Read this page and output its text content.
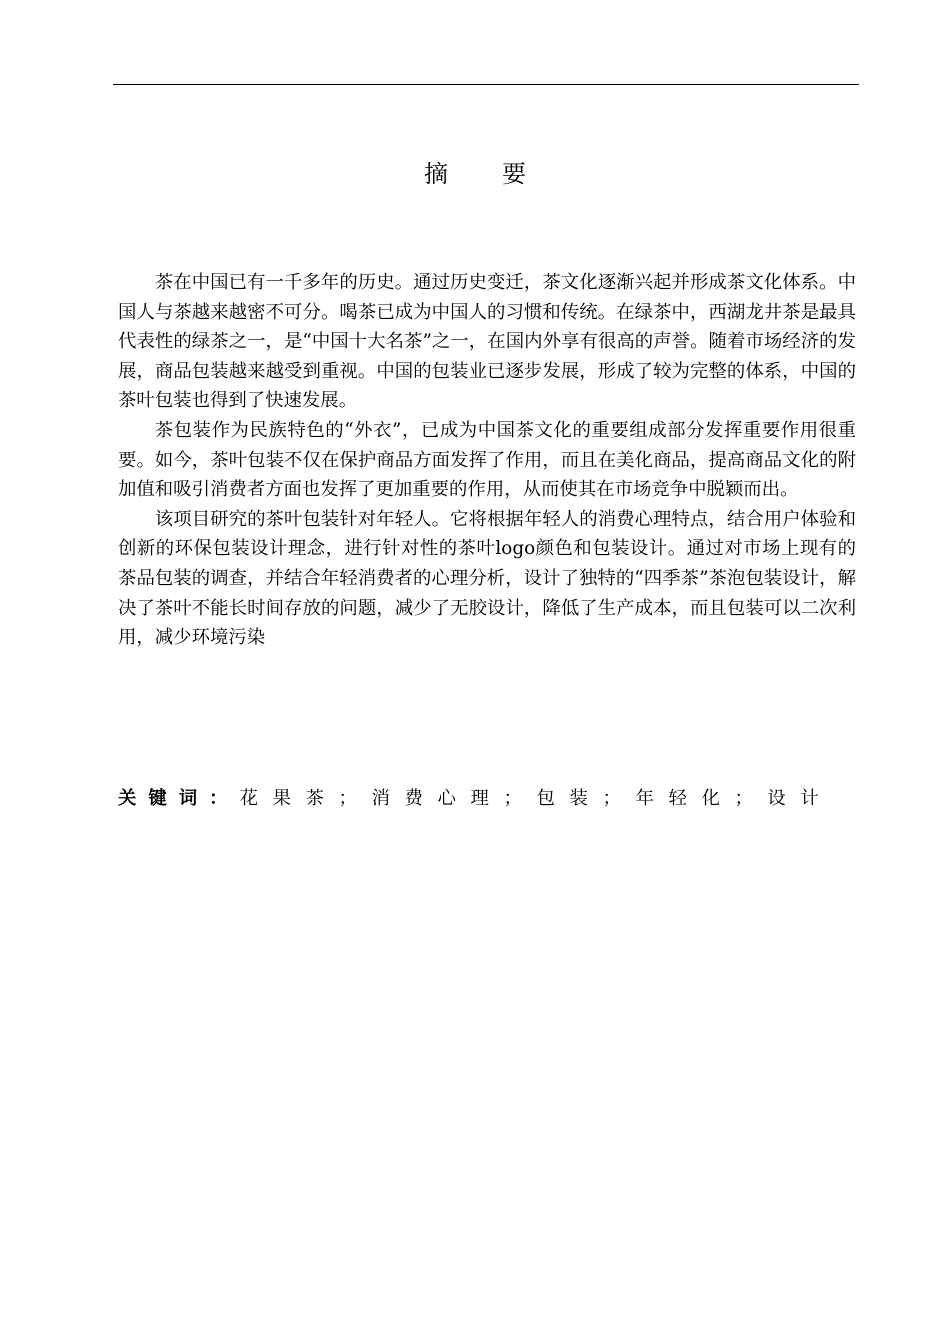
摘 要

茶在中国已有一千多年的历史。通过历史变迁，茶文化逐渐兴起并形成茶文化体系。中国人与茶越来越密不可分。喝茶已成为中国人的习惯和传统。在绿茶中，西湖龙井茶是最具代表性的绿茶之一，是“中国十大名茶”之一，在国内外享有很高的声誉。随着市场经济的发展，商品包装越来越受到重视。中国的包装业已逐步发展，形成了较为完整的体系，中国的茶叶包装也得到了快速发展。

茶包装作为民族特色的“外衣”，已成为中国茶文化的重要组成部分发挥重要作用很重要。如今，茶叶包装不仅在保护商品方面发挥了作用，而且在美化商品，提高商品文化的附加值和吸引消费者方面也发挥了更加重要的作用，从而使其在市场竞争中脱颖而出。

该项目研究的茶叶包装针对年轻人。它将根据年轻人的消费心理特点，结合用户体验和创新的环保包装设计理念，进行针对性的茶叶logo颜色和包装设计。通过对市场上现有的茶品包装的调查，并结合年轻消费者的心理分析，设计了独特的“四季茶”茶泡包装设计，解决了茶叶不能长时间存放的问题，减少了无胶设计，降低了生产成本，而且包装可以二次利用，减少环境污染

关键词：花果茶；消费心理；包装；年轻化；设计
